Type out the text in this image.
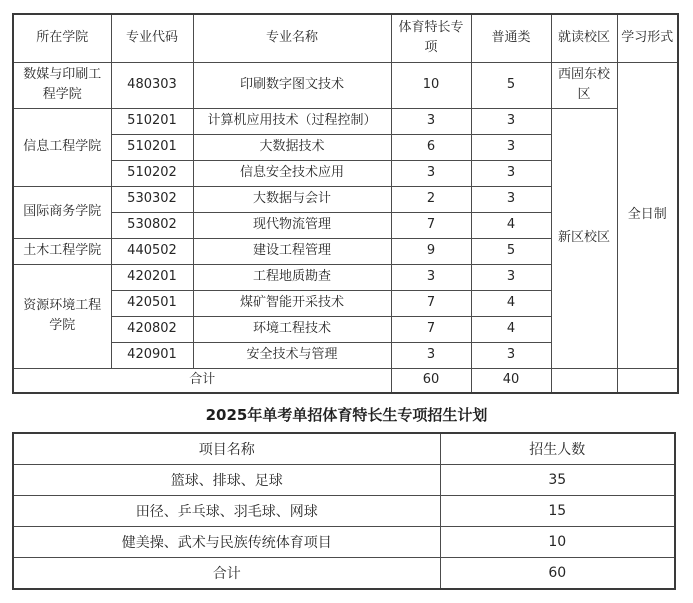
所在学院	专业代码	专业名称	体育特长专项	普通类	就读校区	学习形式
数媒与印刷工程学院	480303	印刷数字图文技术	10	5	西固东校区	全日制
信息工程学院	510201	计算机应用技术（过程控制）	3	3	新区校区	
	510201	大数据技术	6	3		
	510202	信息安全技术应用	3	3		
国际商务学院	530302	大数据与会计	2	3		
	530802	现代物流管理	7	4		
土木工程学院	440502	建设工程管理	9	5		
资源环境工程学院	420201	工程地质勘查	3	3		
	420501	煤矿智能开采技术	7	4		
	420802	环境工程技术	7	4		
	420901	安全技术与管理	3	3		
合计			60	40		
2025年单考单招体育特长生专项招生计划
项目名称	招生人数
篮球、排球、足球	35
田径、乒乓球、羽毛球、网球	15
健美操、武术与民族传统体育项目	10
合计	60
